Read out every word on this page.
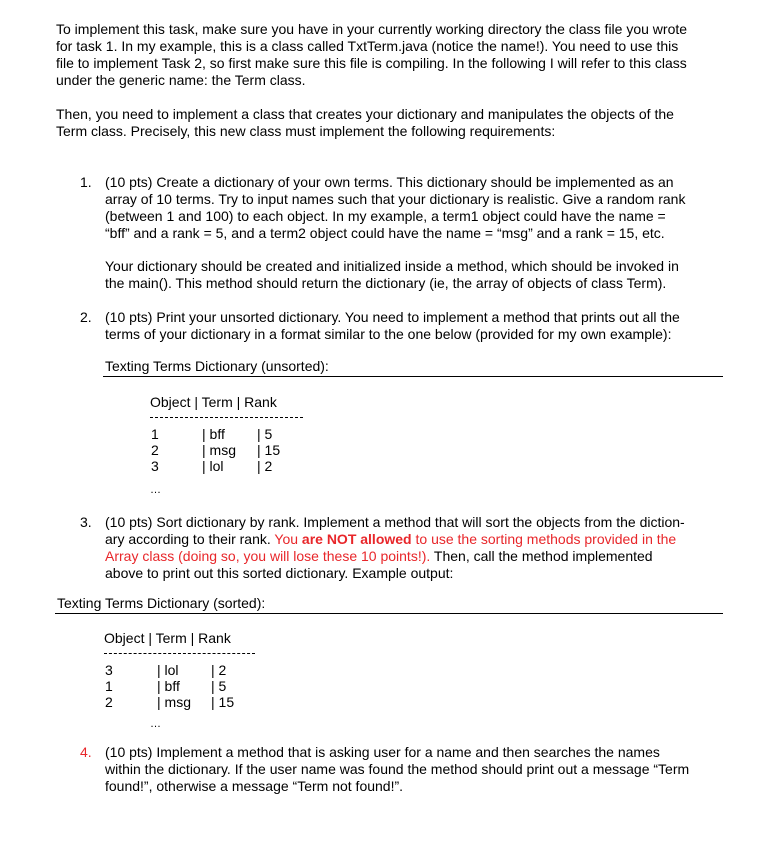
To implement this task, make sure you have in your currently working directory the class file you wrote
for task 1. In my example, this is a class called TxtTerm.java (notice the name!). You need to use this
file to implement Task 2, so first make sure this file is compiling. In the following I will refer to this class
under the generic name: the Term class.

Then, you need to implement a class that creates your dictionary and manipulates the objects of the
Term class. Precisely, this new class must implement the following requirements:

1. (10 pts) Create a dictionary of your own terms. This dictionary should be implemented as an
array of 10 terms. Try to input names such that your dictionary is realistic. Give a random rank
(between 1 and 100) to each object. In my example, a term1 object could have the name =
“bff” and a rank = 5, and a term2 object could have the name = “msg” and a rank = 15, etc.

Your dictionary should be created and initialized inside a method, which should be invoked in
the main(). This method should return the dictionary (ie, the array of objects of class Term).

2. (10 pts) Print your unsorted dictionary. You need to implement a method that prints out all the
terms of your dictionary in a format similar to the one below (provided for my own example):

Texting Terms Dictionary (unsorted):
Object | Term | Rank
1	| bff | 5
2	| msg | 15
3	| lol | 2
…
3. (10 pts) Sort dictionary by rank. Implement a method that will sort the objects from the diction-
ary according to their rank. You are NOT allowed to use the sorting methods provided in the
Array class (doing so, you will lose these 10 points!). Then, call the method implemented
above to print out this sorted dictionary. Example output:

Texting Terms Dictionary (sorted):
Object | Term | Rank
3	| lol | 2
1	| bff | 5
2	| msg | 15
…
4. (10 pts) Implement a method that is asking user for a name and then searches the names
within the dictionary. If the user name was found the method should print out a message “Term
found!”, otherwise a message “Term not found!”.
